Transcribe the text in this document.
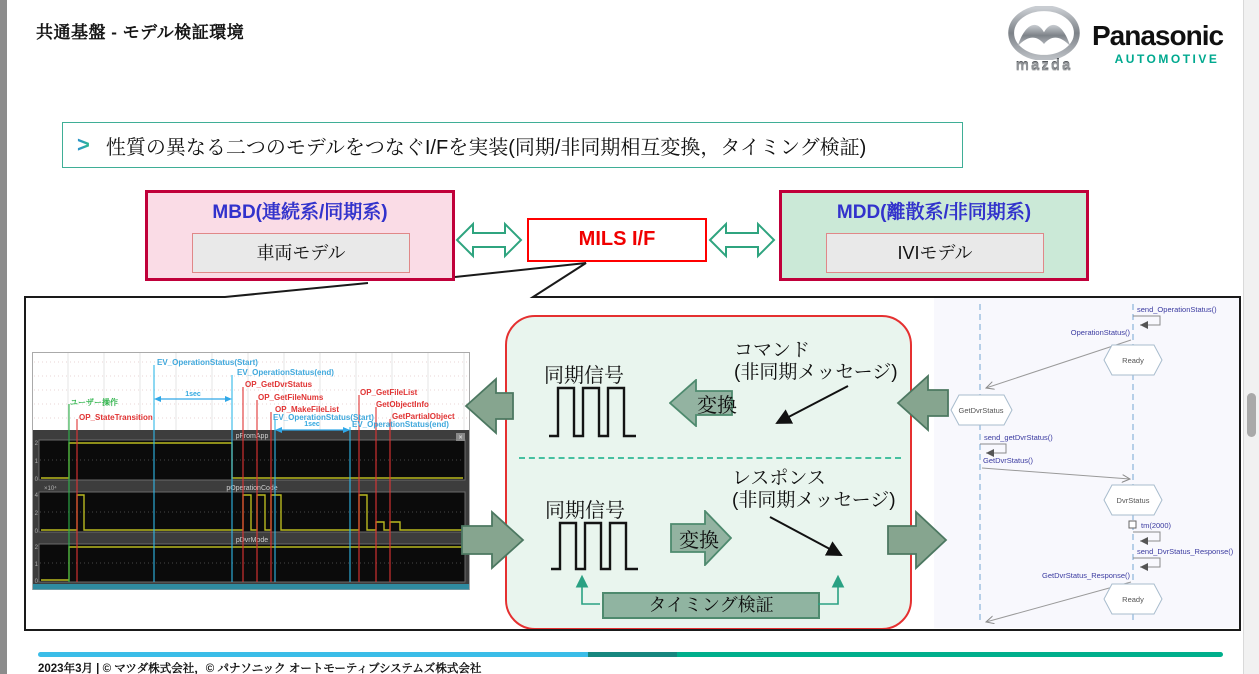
共通基盤 - モデル検証環境
mazda
Panasonic
AUTOMOTIVE
> 性質の異なる二つのモデルをつなぐI/Fを実装(同期/非同期相互変換，タイミング検証)
MBD(連続系/同期系)
車両モデル
MILS I/F
MDD(離散系/非同期系)
IVIモデル
pFromApp
pOperationCode
×10⁴
pDvrMode
2
1
0
4
2
0
2
1
0
1sec
1sec
EV_OperationStatus(Start)
EV_OperationStatus(end)
OP_GetDvrStatus
OP_GetFileNums
OP_GetFileList
OP_MakeFileList
GetObjectInfo
EV_OperationStatus(Start) GetPartialObject
EV_OperationStatus(end)
ユーザー操作
OP_StateTransition
×
同期信号
変換
コマンド
(非同期メッセージ)
同期信号
変換
レスポンス
(非同期メッセージ)
タイミング検証
send_OperationStatus()
OperationStatus()
Ready
GetDvrStatus
send_getDvrStatus()
GetDvrStatus()
DvrStatus
tm(2000)
send_DvrStatus_Response()
GetDvrStatus_Response()
Ready
2023年3月 | © マツダ株式会社，© パナソニック オートモーティブシステムズ株式会社
